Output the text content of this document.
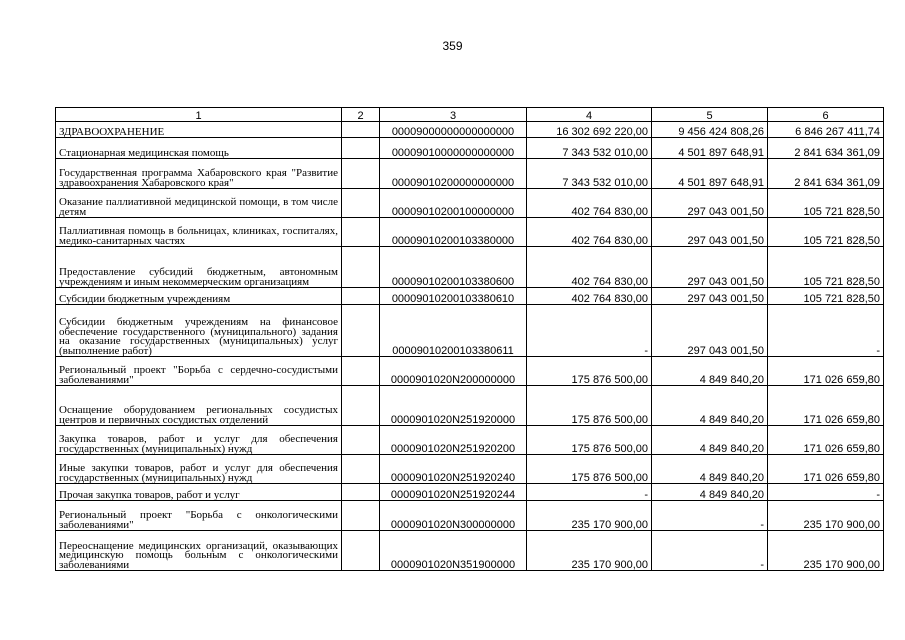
359
1	2	3	4	5	6
ЗДРАВООХРАНЕНИЕ		00009000000000000000	16 302 692 220,00	9 456 424 808,26	6 846 267 411,74
Стационарная медицинская помощь		00009010000000000000	7 343 532 010,00	4 501 897 648,91	2 841 634 361,09
Государственная программа Хабаровского края "Развитие здравоохранения Хабаровского края"		00009010200000000000	7 343 532 010,00	4 501 897 648,91	2 841 634 361,09
Оказание паллиативной медицинской помощи, в том числе детям		00009010200100000000	402 764 830,00	297 043 001,50	105 721 828,50
Паллиативная помощь в больницах, клиниках, госпиталях, медико-санитарных частях		00009010200103380000	402 764 830,00	297 043 001,50	105 721 828,50
Предоставление субсидий бюджетным, автономным учреждениям и иным некоммерческим организациям		00009010200103380600	402 764 830,00	297 043 001,50	105 721 828,50
Субсидии бюджетным учреждениям		00009010200103380610	402 764 830,00	297 043 001,50	105 721 828,50
Субсидии бюджетным учреждениям на финансовое обеспечение государственного (муниципального) задания на оказание государственных (муниципальных) услуг (выполнение работ)		00009010200103380611	-	297 043 001,50	-
Региональный проект "Борьба с сердечно-сосудистыми заболеваниями"		0000901020N200000000	175 876 500,00	4 849 840,20	171 026 659,80
Оснащение оборудованием региональных сосудистых центров и первичных сосудистых отделений		0000901020N251920000	175 876 500,00	4 849 840,20	171 026 659,80
Закупка товаров, работ и услуг для обеспечения государственных (муниципальных) нужд		0000901020N251920200	175 876 500,00	4 849 840,20	171 026 659,80
Иные закупки товаров, работ и услуг для обеспечения государственных (муниципальных) нужд		0000901020N251920240	175 876 500,00	4 849 840,20	171 026 659,80
Прочая закупка товаров, работ и услуг		0000901020N251920244	-	4 849 840,20	-
Региональный проект "Борьба с онкологическими заболеваниями"		0000901020N300000000	235 170 900,00	-	235 170 900,00
Переоснащение медицинских организаций, оказывающих медицинскую помощь больным с онкологическими заболеваниями		0000901020N351900000	235 170 900,00	-	235 170 900,00
